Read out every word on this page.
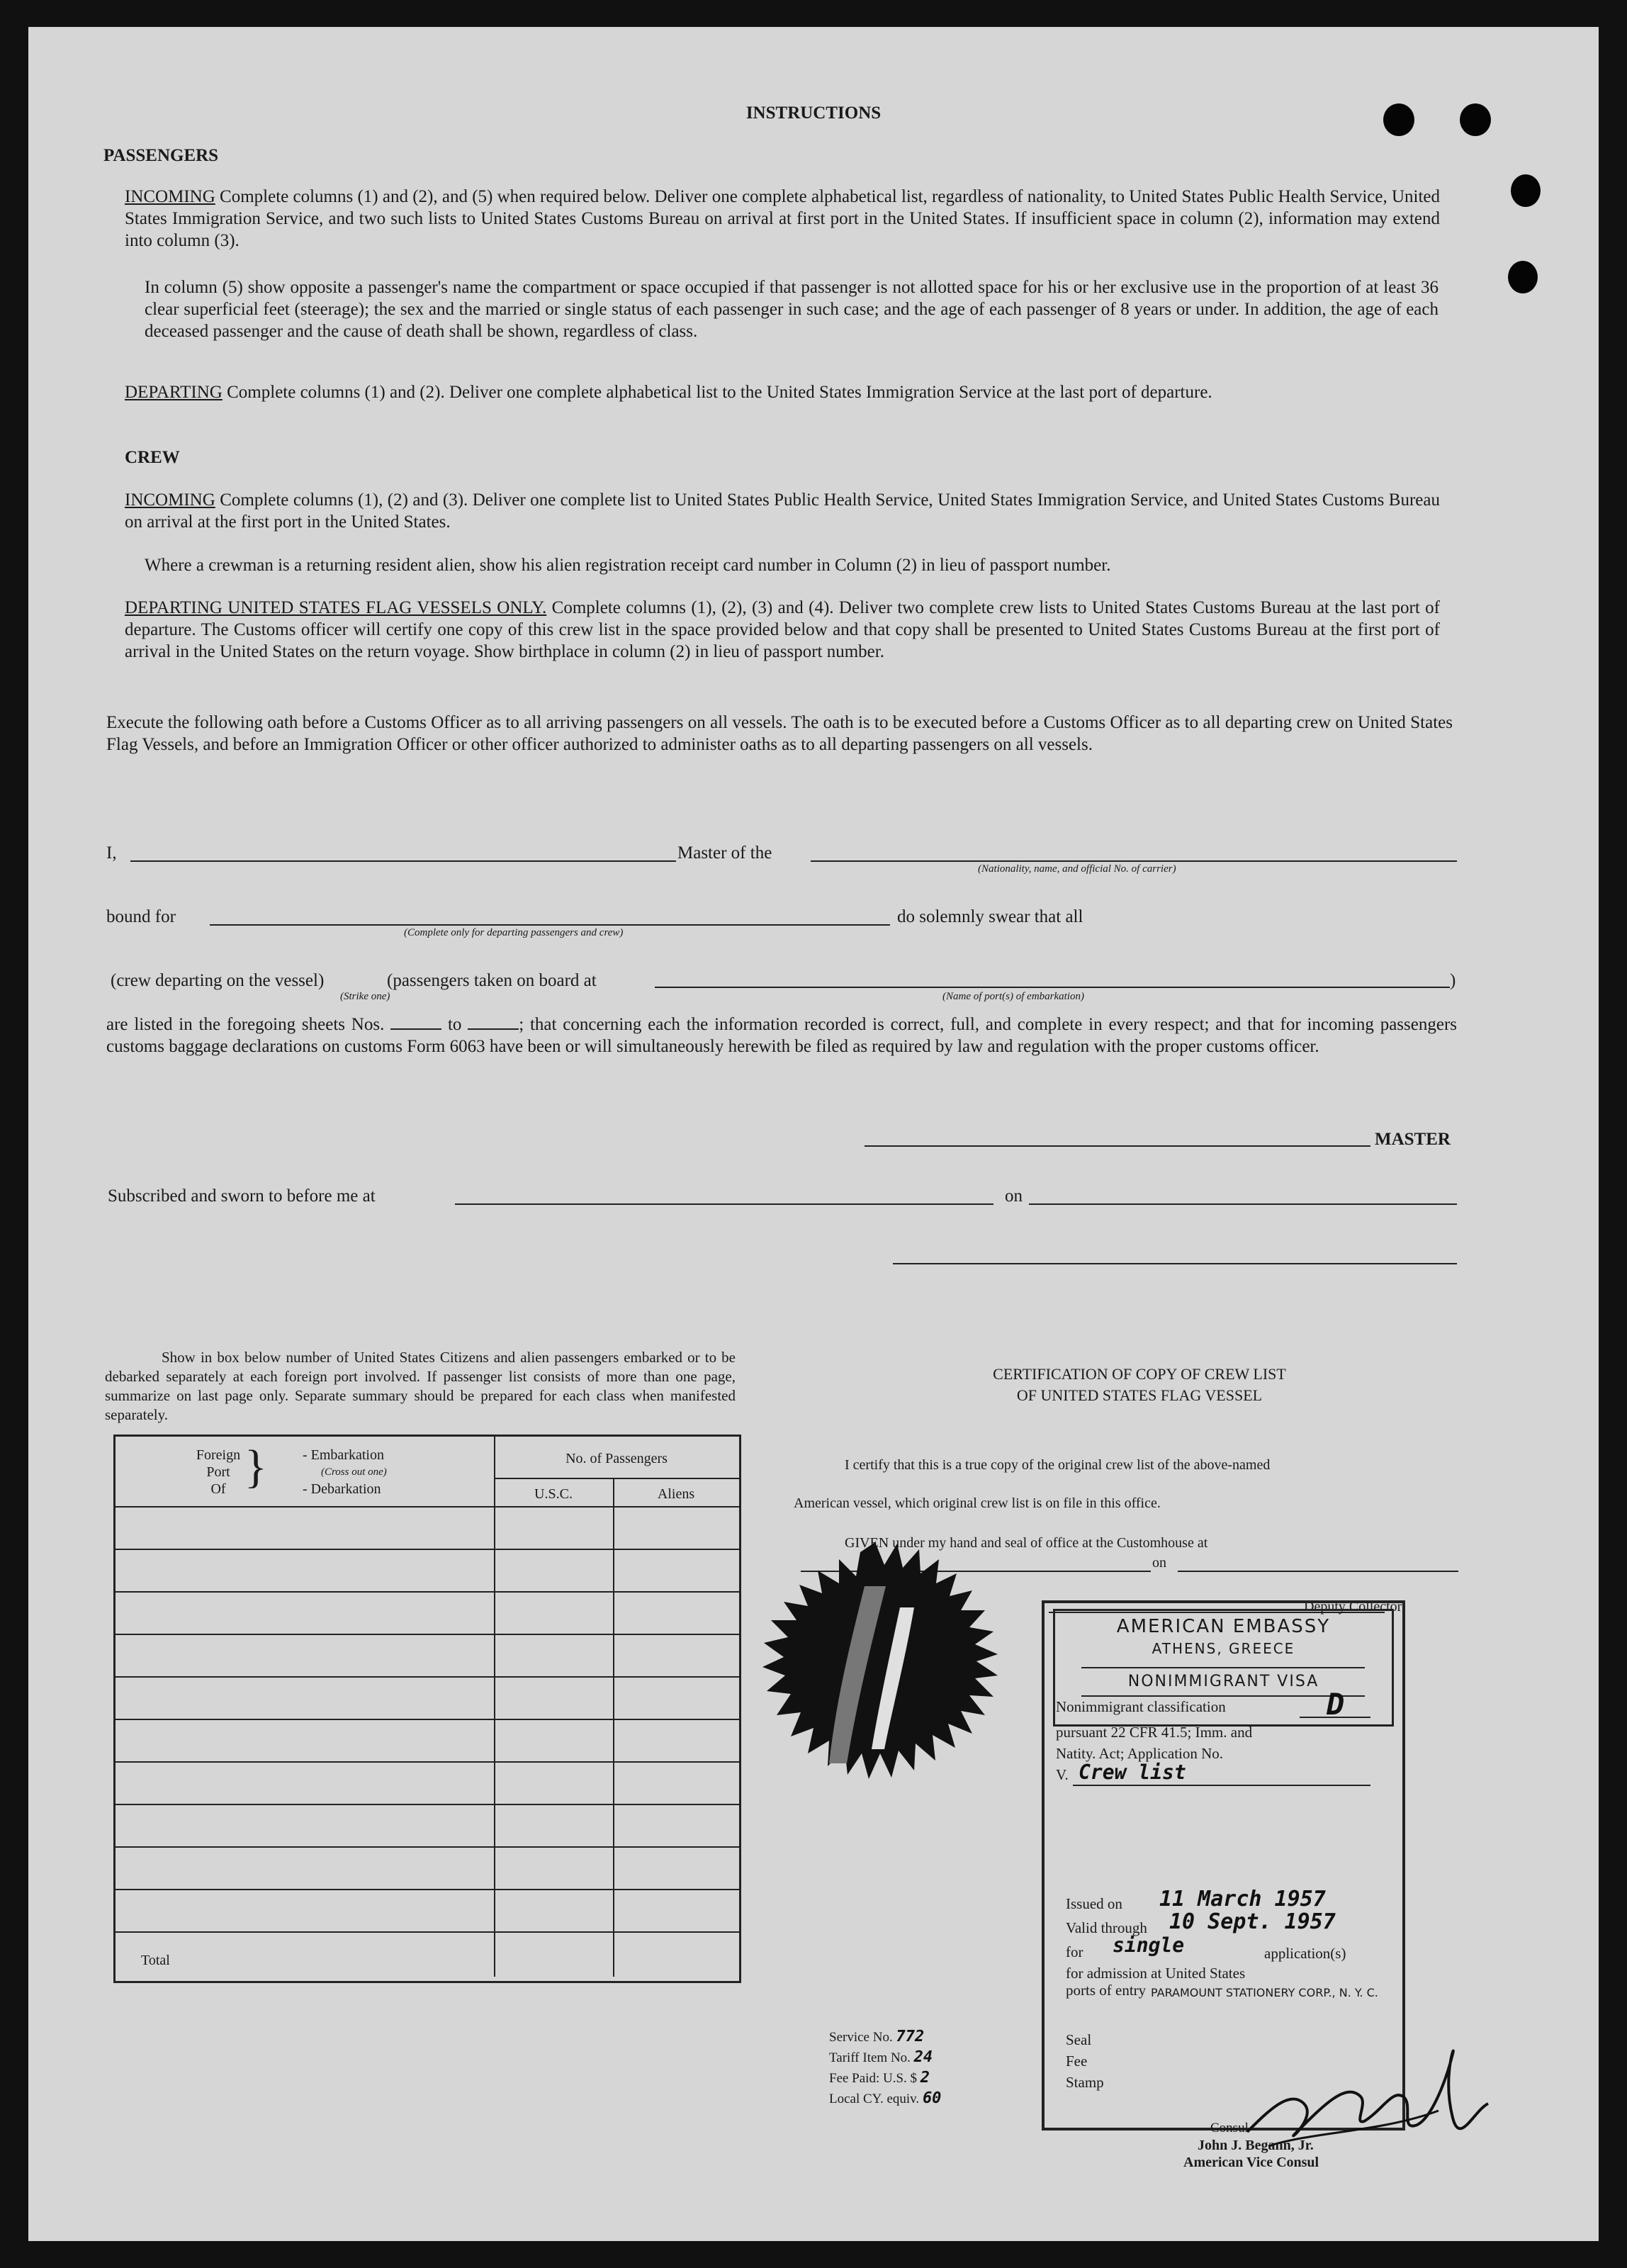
INSTRUCTIONS
PASSENGERS
INCOMING Complete columns (1) and (2), and (5) when required below. Deliver one complete alphabetical list, regardless of nationality, to United States Public Health Service, United States Immigration Service, and two such lists to United States Customs Bureau on arrival at first port in the United States. If insufficient space in column (2), information may extend into column (3).
In column (5) show opposite a passenger's name the compartment or space occupied if that passenger is not allotted space for his or her exclusive use in the proportion of at least 36 clear superficial feet (steerage); the sex and the married or single status of each passenger in such case; and the age of each passenger of 8 years or under. In addition, the age of each deceased passenger and the cause of death shall be shown, regardless of class.
DEPARTING Complete columns (1) and (2). Deliver one complete alphabetical list to the United States Immigration Service at the last port of departure.
CREW
INCOMING Complete columns (1), (2) and (3). Deliver one complete list to United States Public Health Service, United States Immigration Service, and United States Customs Bureau on arrival at the first port in the United States.
Where a crewman is a returning resident alien, show his alien registration receipt card number in Column (2) in lieu of passport number.
DEPARTING UNITED STATES FLAG VESSELS ONLY. Complete columns (1), (2), (3) and (4). Deliver two complete crew lists to United States Customs Bureau at the last port of departure. The Customs officer will certify one copy of this crew list in the space provided below and that copy shall be presented to United States Customs Bureau at the first port of arrival in the United States on the return voyage. Show birthplace in column (2) in lieu of passport number.
Execute the following oath before a Customs Officer as to all arriving passengers on all vessels. The oath is to be executed before a Customs Officer as to all departing crew on United States Flag Vessels, and before an Immigration Officer or other officer authorized to administer oaths as to all departing passengers on all vessels.
I,	Master of the
(Nationality, name, and official No. of carrier)
bound for
(Complete only for departing passengers and crew)
do solemnly swear that all
(crew departing on the vessel)	(passengers taken on board at
(Strike one)
)
(Name of port(s) of embarkation)
are listed in the foregoing sheets Nos.	to	; that concerning each the information recorded is correct, full, and complete in every respect; and that for incoming passengers customs baggage declarations on customs Form 6063 have been or will simultaneously herewith be filed as required by law and regulation with the proper customs officer.
MASTER
Subscribed and sworn to before me at	on
Show in box below number of United States Citizens and alien passengers embarked or to be debarked separately at each foreign port involved. If passenger list consists of more than one page, summarize on last page only. Separate summary should be prepared for each class when manifested separately.
Foreign
Port
Of }	- Embarkation
(Cross out one)
- Debarkation
No. of Passengers
U.S.C.	Aliens
Total
CERTIFICATION OF COPY OF CREW LIST
OF UNITED STATES FLAG VESSEL
I certify that this is a true copy of the original crew list of the above-named
American vessel, which original crew list is on file in this office.
GIVEN under my hand and seal of office at the Customhouse at
on
Deputy Collector
AMERICAN EMBASSY
ATHENS, GREECE
NONIMMIGRANT VISA
Nonimmigrant classification	D
pursuant 22 CFR 41.5; Imm. and
Natity. Act; Application No.
V. Crew list
Issued on 11 March 1957
Valid through 10 Sept. 1957
for single	application(s)
for admission at United States
ports of entry PARAMOUNT STATIONERY CORP., N. Y. C.
Seal
Fee
Stamp
Consul
John J. Begann, Jr.
American Vice Consul
Service No. 772
Tariff Item No. 24
Fee Paid: U.S. $ 2
Local CY. equiv. 60
